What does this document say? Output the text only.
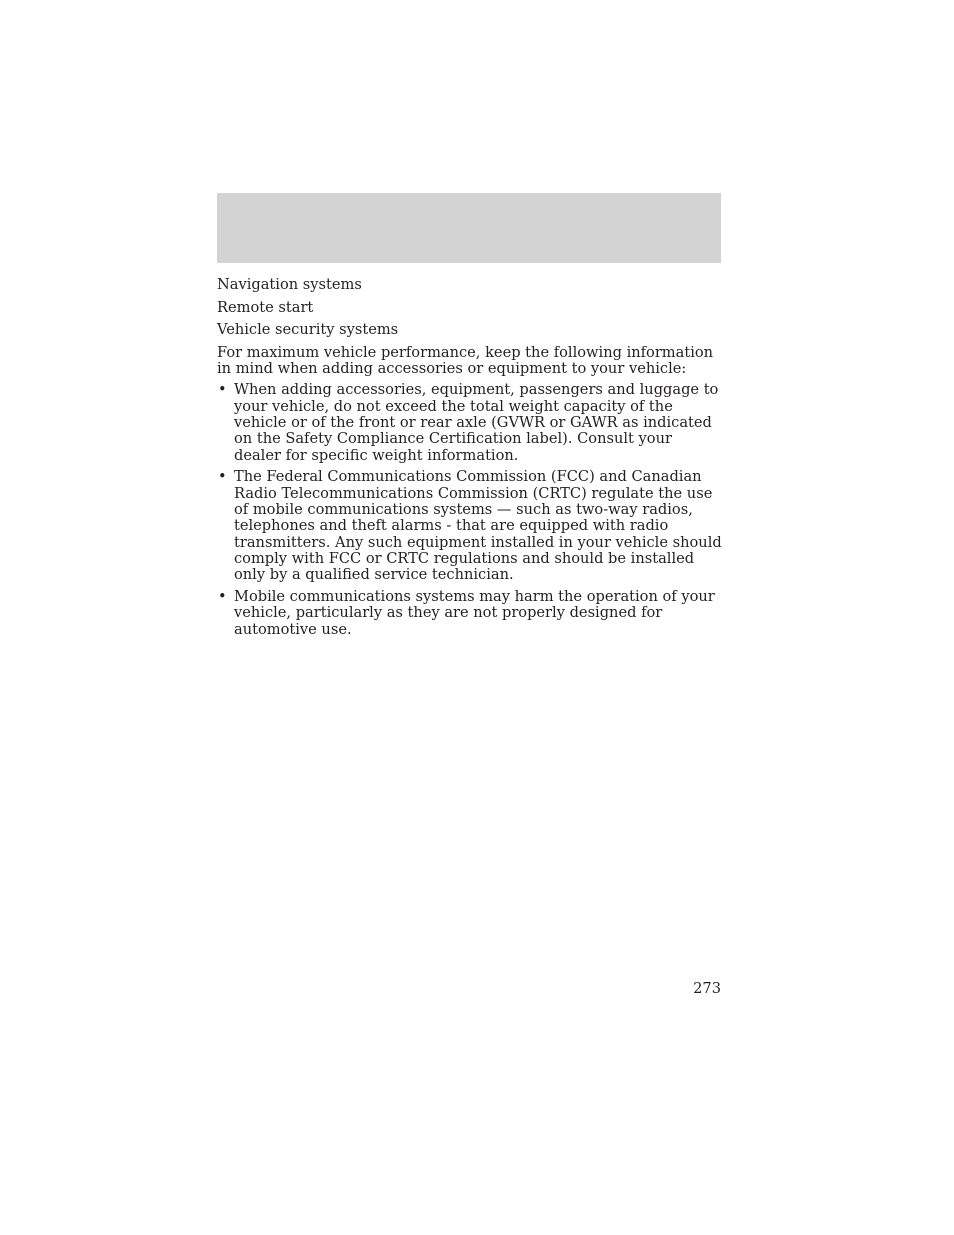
Navigation systems
Remote start
Vehicle security systems

For maximum vehicle performance, keep the following information in mind when adding accessories or equipment to your vehicle:

• When adding accessories, equipment, passengers and luggage to your vehicle, do not exceed the total weight capacity of the vehicle or of the front or rear axle (GVWR or GAWR as indicated on the Safety Compliance Certification label). Consult your dealer for specific weight information.
• The Federal Communications Commission (FCC) and Canadian Radio Telecommunications Commission (CRTC) regulate the use of mobile communications systems — such as two-way radios, telephones and theft alarms - that are equipped with radio transmitters. Any such equipment installed in your vehicle should comply with FCC or CRTC regulations and should be installed only by a qualified service technician.
• Mobile communications systems may harm the operation of your vehicle, particularly as they are not properly designed for automotive use.
273
